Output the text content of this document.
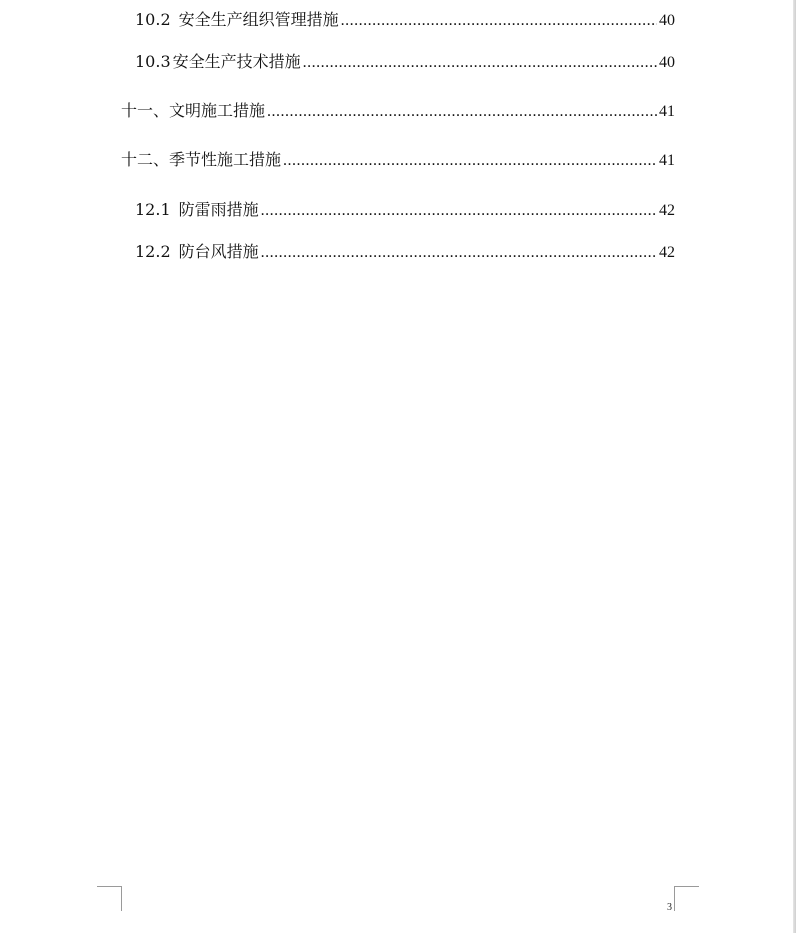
10.2 安全生产组织管理措施 .....	40
10.3 安全生产技术措施 .....	40
十一、 文明施工措施 .....	41
十二、 季节性施工措施 .....	41
12.1 防雷雨措施 .....	42
12.2 防台风措施 .....	42
3
